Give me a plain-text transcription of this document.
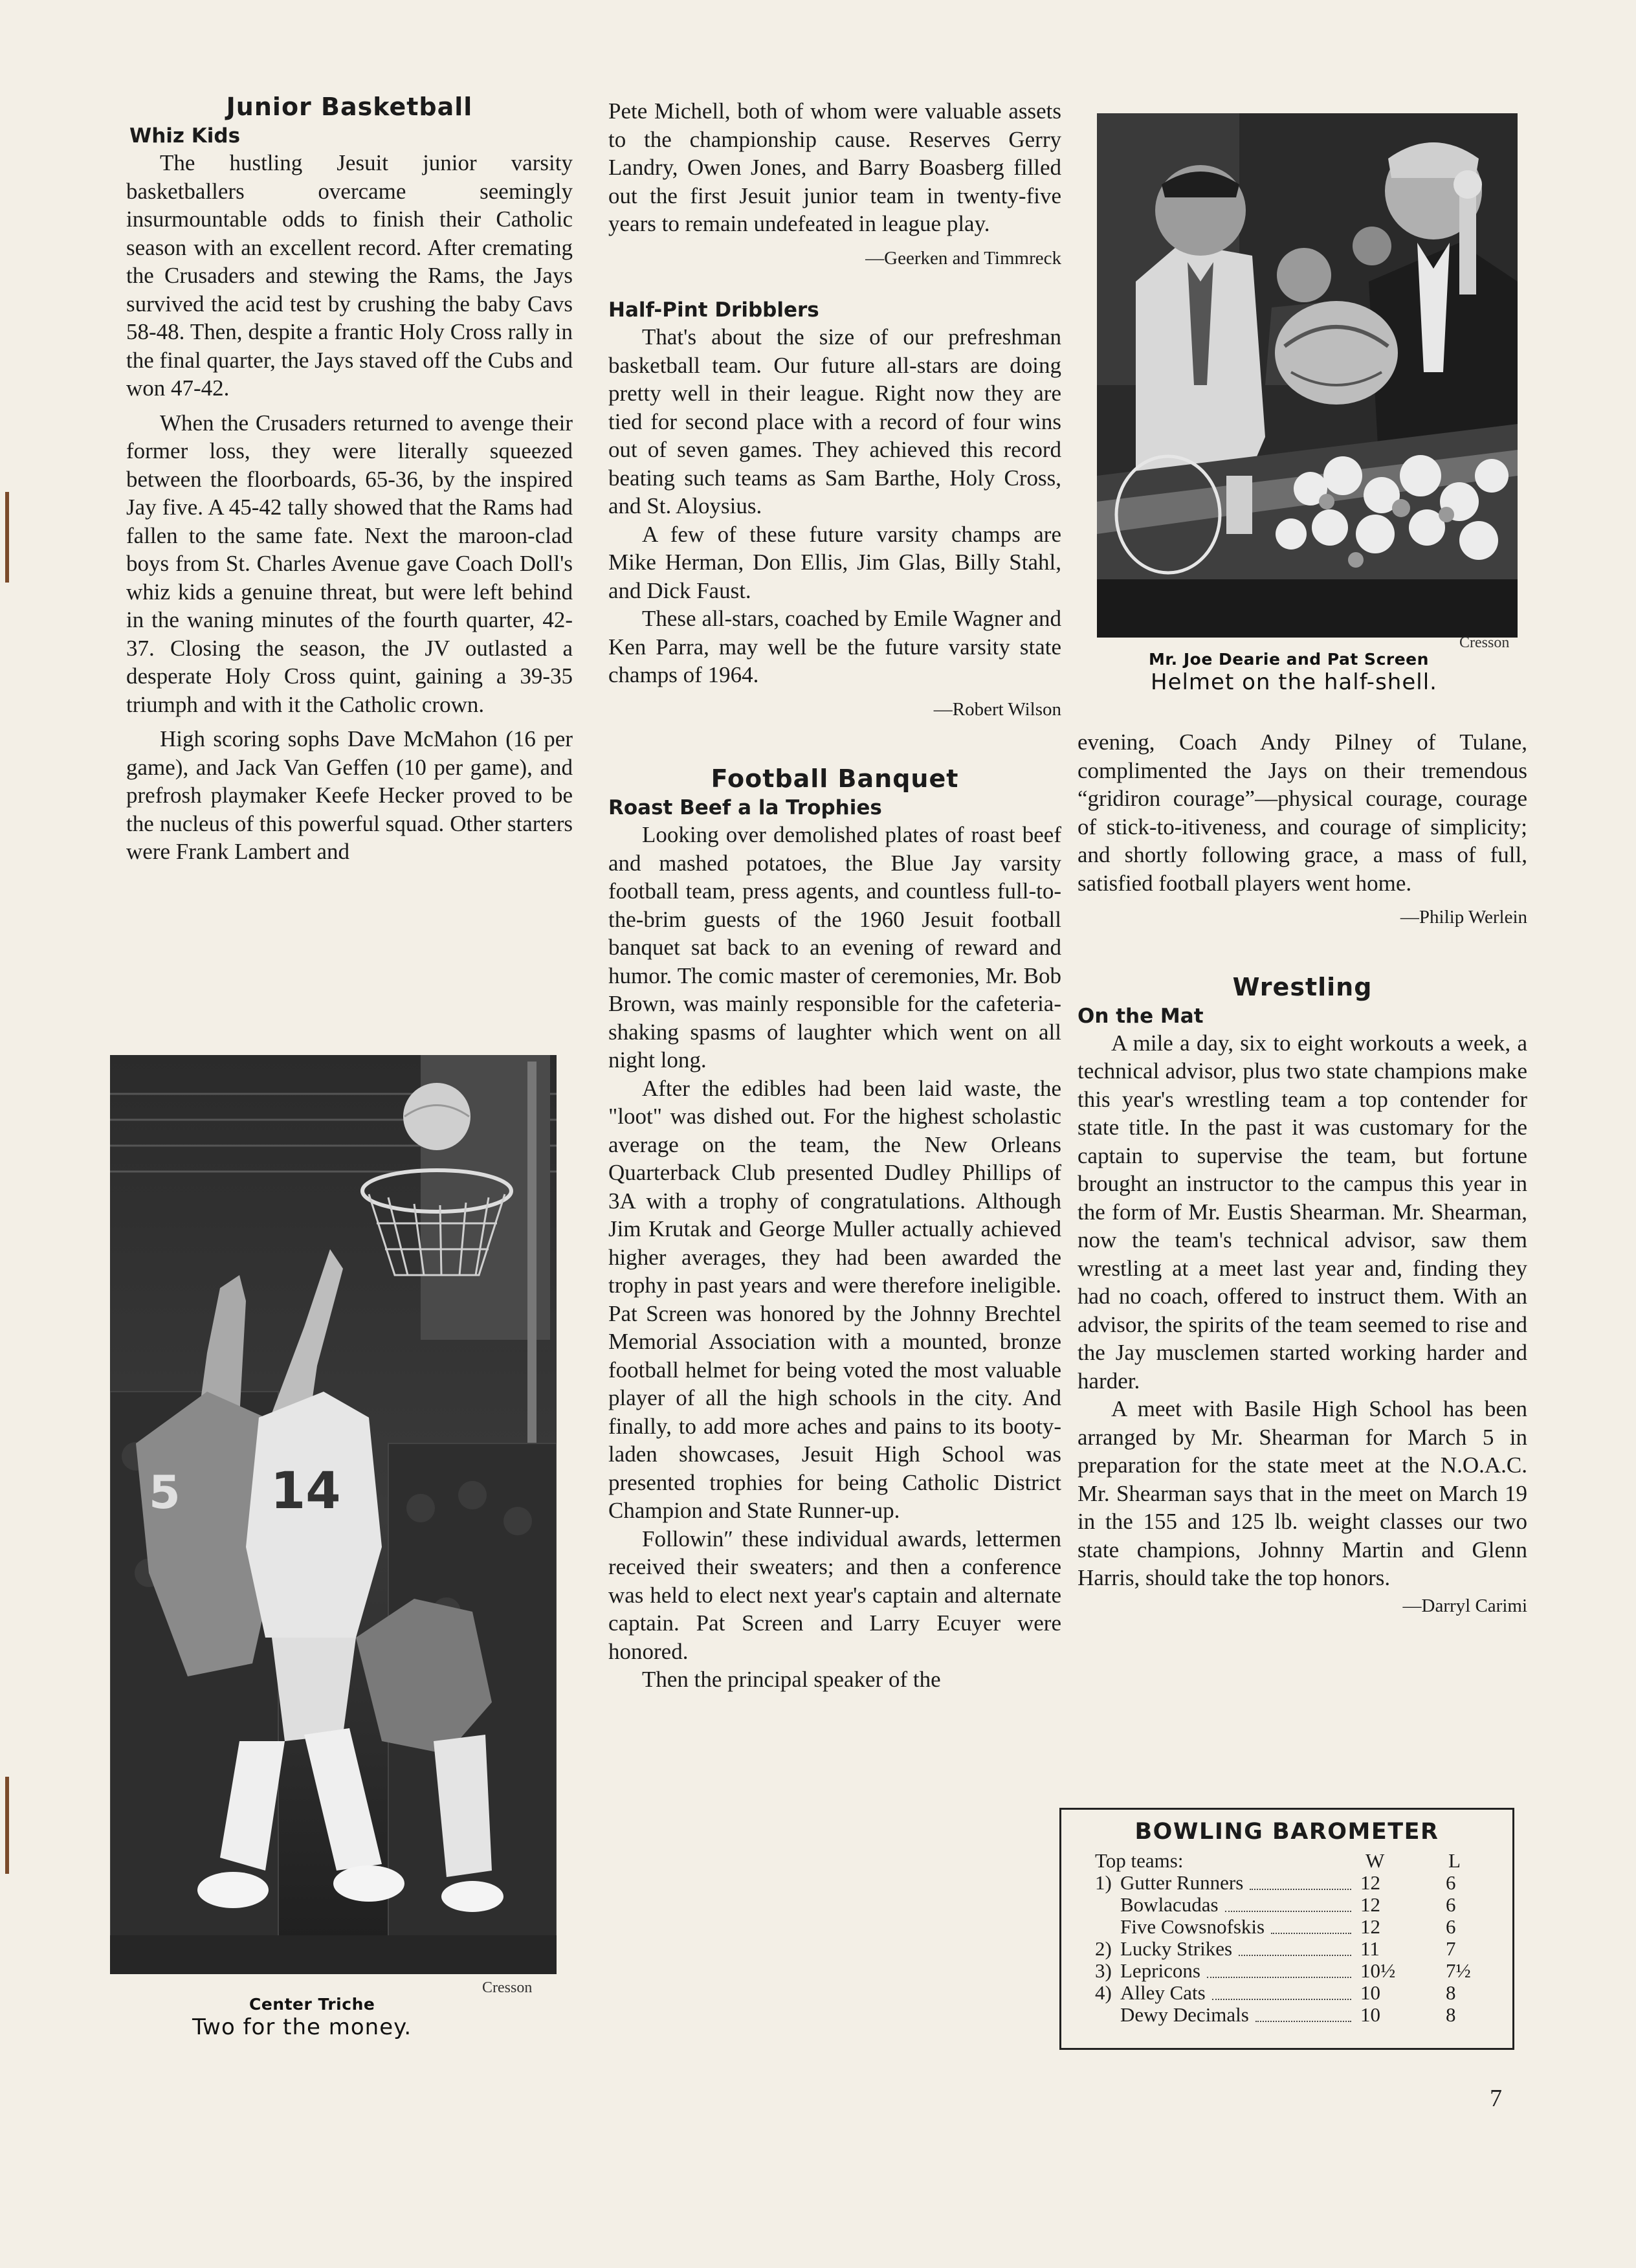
Junior Basketball
Whiz Kids

The hustling Jesuit junior varsity basketballers overcame seemingly insurmountable odds to finish their Catholic season with an excellent record. After cremating the Crusaders and stewing the Rams, the Jays survived the acid test by crushing the baby Cavs 58-48. Then, despite a frantic Holy Cross rally in the final quarter, the Jays staved off the Cubs and won 47-42.

When the Crusaders returned to avenge their former loss, they were literally squeezed between the floorboards, 65-36, by the inspired Jay five. A 45-42 tally showed that the Rams had fallen to the same fate. Next the maroon-clad boys from St. Charles Avenue gave Coach Doll's whiz kids a genuine threat, but were left behind in the waning minutes of the fourth quarter, 42-37. Closing the season, the JV outlasted a desperate Holy Cross quint, gaining a 39-35 triumph and with it the Catholic crown.

High scoring sophs Dave McMahon (16 per game), and Jack Van Geffen (10 per game), and prefrosh playmaker Keefe Hecker proved to be the nucleus of this powerful squad. Other starters were Frank Lambert and

5 14
Cresson
Center Triche
Two for the money.

Pete Michell, both of whom were valuable assets to the championship cause. Reserves Gerry Landry, Owen Jones, and Barry Boasberg filled out the first Jesuit junior team in twenty-five years to remain undefeated in league play.

—Geerken and Timmreck
Half-Pint Dribblers

That's about the size of our prefreshman basketball team. Our future all-stars are doing pretty well in their league. Right now they are tied for second place with a record of four wins out of seven games. They achieved this record beating such teams as Sam Barthe, Holy Cross, and St. Aloysius.

A few of these future varsity champs are Mike Herman, Don Ellis, Jim Glas, Billy Stahl, and Dick Faust.

These all-stars, coached by Emile Wagner and Ken Parra, may well be the future varsity state champs of 1964.

—Robert Wilson
Football Banquet
Roast Beef a la Trophies

Looking over demolished plates of roast beef and mashed potatoes, the Blue Jay varsity football team, press agents, and countless full-to-the-brim guests of the 1960 Jesuit football banquet sat back to an evening of reward and humor. The comic master of ceremonies, Mr. Bob Brown, was mainly responsible for the cafeteria-shaking spasms of laughter which went on all night long.

After the edibles had been laid waste, the "loot" was dished out. For the highest scholastic average on the team, the New Orleans Quarterback Club presented Dudley Phillips of 3A with a trophy of congratulations. Although Jim Krutak and George Muller actually achieved higher averages, they had been awarded the trophy in past years and were therefore ineligible. Pat Screen was honored by the Johnny Brechtel Memorial Association with a mounted, bronze football helmet for being voted the most valuable player of all the high schools in the city. And finally, to add more aches and pains to its booty-laden showcases, Jesuit High School was presented trophies for being Catholic District Champion and State Runner-up.

Followin″ these individual awards, lettermen received their sweaters; and then a conference was held to elect next year's captain and alternate captain. Pat Screen and Larry Ecuyer were honored.

Then the principal speaker of the

Cresson
Mr. Joe Dearie and Pat Screen
Helmet on the half-shell.

evening, Coach Andy Pilney of Tulane, complimented the Jays on their tremendous “gridiron courage”—physical courage, courage of stick-to-itiveness, and courage of simplicity; and shortly following grace, a mass of full, satisfied football players went home.

—Philip Werlein
Wrestling
On the Mat

A mile a day, six to eight workouts a week, a technical advisor, plus two state champions make this year's wrestling team a top contender for state title. In the past it was customary for the captain to supervise the team, but fortune brought an instructor to the campus this year in the form of Mr. Eustis Shearman. Mr. Shearman, now the team's technical advisor, saw them wrestling at a meet last year and, finding they had no coach, offered to instruct them. With an advisor, the spirits of the team seemed to rise and the Jay musclemen started working harder and harder.

A meet with Basile High School has been arranged by Mr. Shearman for March 5 in preparation for the state meet at the N.O.A.C. Mr. Shearman says that in the meet on March 19 in the 155 and 125 lb. weight classes our two state champions, Johnny Martin and Glenn Harris, should take the top honors.

—Darryl Carimi
BOWLING BAROMETER
Top teams:	W	L
1) Gutter Runners	12	6
Bowlacudas	12	6
Five Cowsnofskis	12	6
2) Lucky Strikes	11	7
3) Lepricons	10½	7½
4) Alley Cats	10	8
Dewy Decimals	10	8
7
